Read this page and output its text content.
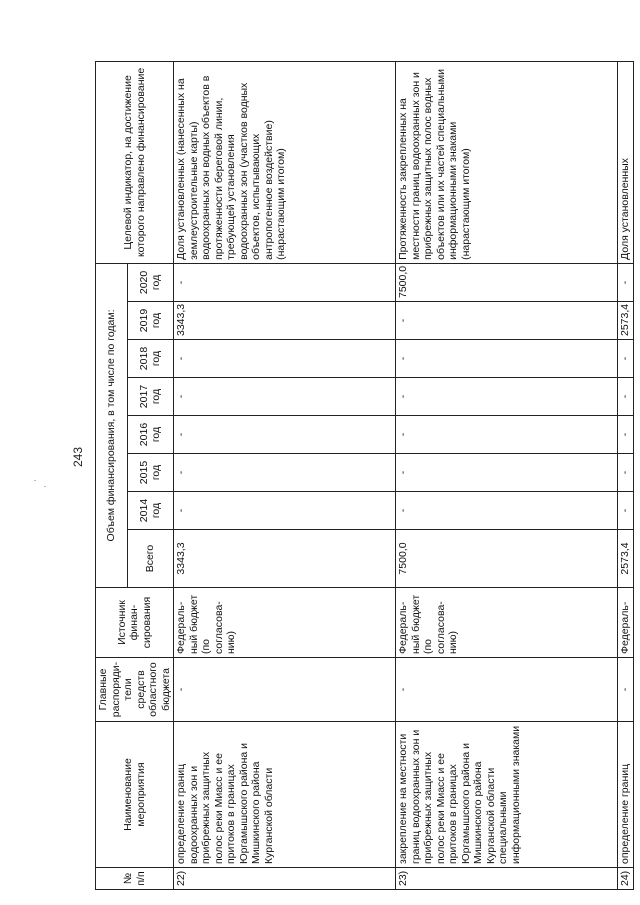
243
№ п/п	Наименование мероприятия	Главные распоряди-тели средств областного бюджета	Источник финан-сирования	Объем финансирования, в том числе по годам:								Целевой индикатор, на достижение которого направлено финансирование
				Всего	2014 год	2015 год	2016 год	2017 год	2018 год	2019 год	2020 год	
22)	определение границ водоохранных зон и прибрежных защитных полос реки Миасс и ее притоков в границах Юргамышского района и Мишкинского района Курганской области	-	Федераль-ный бюджет (по согласова-нию)	3343,3	-	-	-	-	-	3343,3	-	Доля установленных (нанесенных на землеустроительные карты) водоохранных зон водных объектов в протяженности береговой линии, требующей установления водоохранных зон (участков водных объектов, испытывающих антропогенное воздействие) (нарастающим итогом)
23)	закрепление на местности границ водоохранных зон и прибрежных защитных полос реки Миасс и ее притоков в границах Юргамышского района и Мишкинского района Курганской области специальными информационными знаками	-	Федераль-ный бюджет (по согласова-нию)	7500,0	-	-	-	-	-	-	7500,0	Протяженность закрепленных на местности границ водоохранных зон и прибрежных защитных полос водных объектов или их частей специальными информационными знаками (нарастающим итогом)
24)	определение границ	-	Федераль-	2573,4	-	-	-	-	-	2573,4	-	Доля установленных
